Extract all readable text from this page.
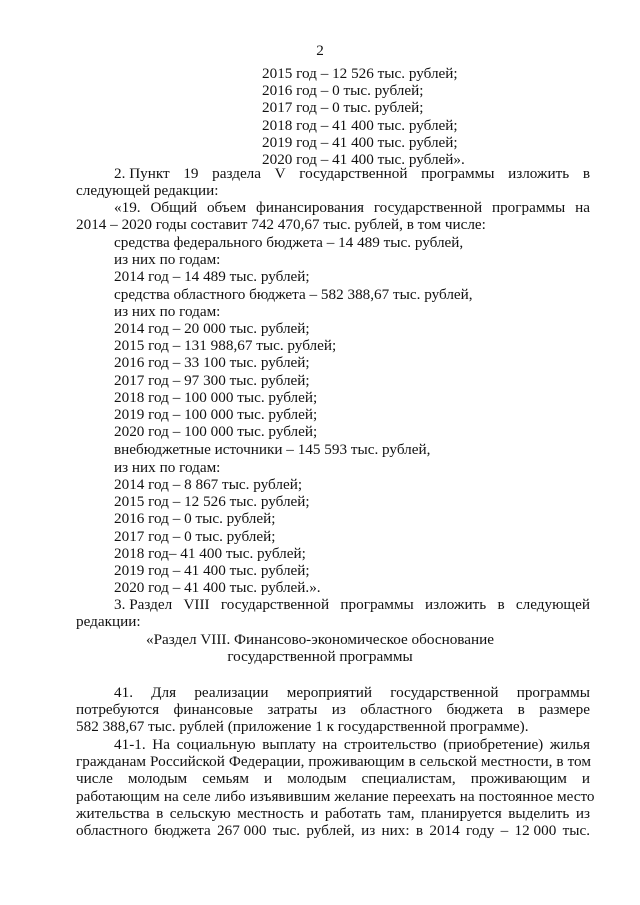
2
2015 год – 12 526 тыс. рублей;
2016 год – 0 тыс. рублей;
2017 год – 0 тыс. рублей;
2018 год – 41 400 тыс. рублей;
2019 год – 41 400 тыс. рублей;
2020 год – 41 400 тыс. рублей».
2. Пункт 19 раздела V государственной программы изложить в
следующей редакции:
«19. Общий объем финансирования государственной программы на
2014 – 2020 годы составит 742 470,67 тыс. рублей, в том числе:
средства федерального бюджета – 14 489 тыс. рублей,
из них по годам:
2014 год – 14 489 тыс. рублей;
средства областного бюджета – 582 388,67 тыс. рублей,
из них по годам:
2014 год – 20 000 тыс. рублей;
2015 год – 131 988,67 тыс. рублей;
2016 год – 33 100 тыс. рублей;
2017 год – 97 300 тыс. рублей;
2018 год – 100 000 тыс. рублей;
2019 год – 100 000 тыс. рублей;
2020 год – 100 000 тыс. рублей;
внебюджетные источники – 145 593 тыс. рублей,
из них по годам:
2014 год – 8 867 тыс. рублей;
2015 год – 12 526 тыс. рублей;
2016 год – 0 тыс. рублей;
2017 год – 0 тыс. рублей;
2018 год– 41 400 тыс. рублей;
2019 год – 41 400 тыс. рублей;
2020 год – 41 400 тыс. рублей.».
3. Раздел VIII государственной программы изложить в следующей
редакции:
«Раздел VIII. Финансово-экономическое обоснование
государственной программы
41. Для реализации мероприятий государственной программы
потребуются финансовые затраты из областного бюджета в размере
582 388,67 тыс. рублей (приложение 1 к государственной программе).
41-1. На социальную выплату на строительство (приобретение) жилья
гражданам Российской Федерации, проживающим в сельской местности, в том
числе молодым семьям и молодым специалистам, проживающим и
работающим на селе либо изъявившим желание переехать на постоянное место
жительства в сельскую местность и работать там, планируется выделить из
областного бюджета 267 000 тыс. рублей, из них: в 2014 году – 12 000 тыс.
